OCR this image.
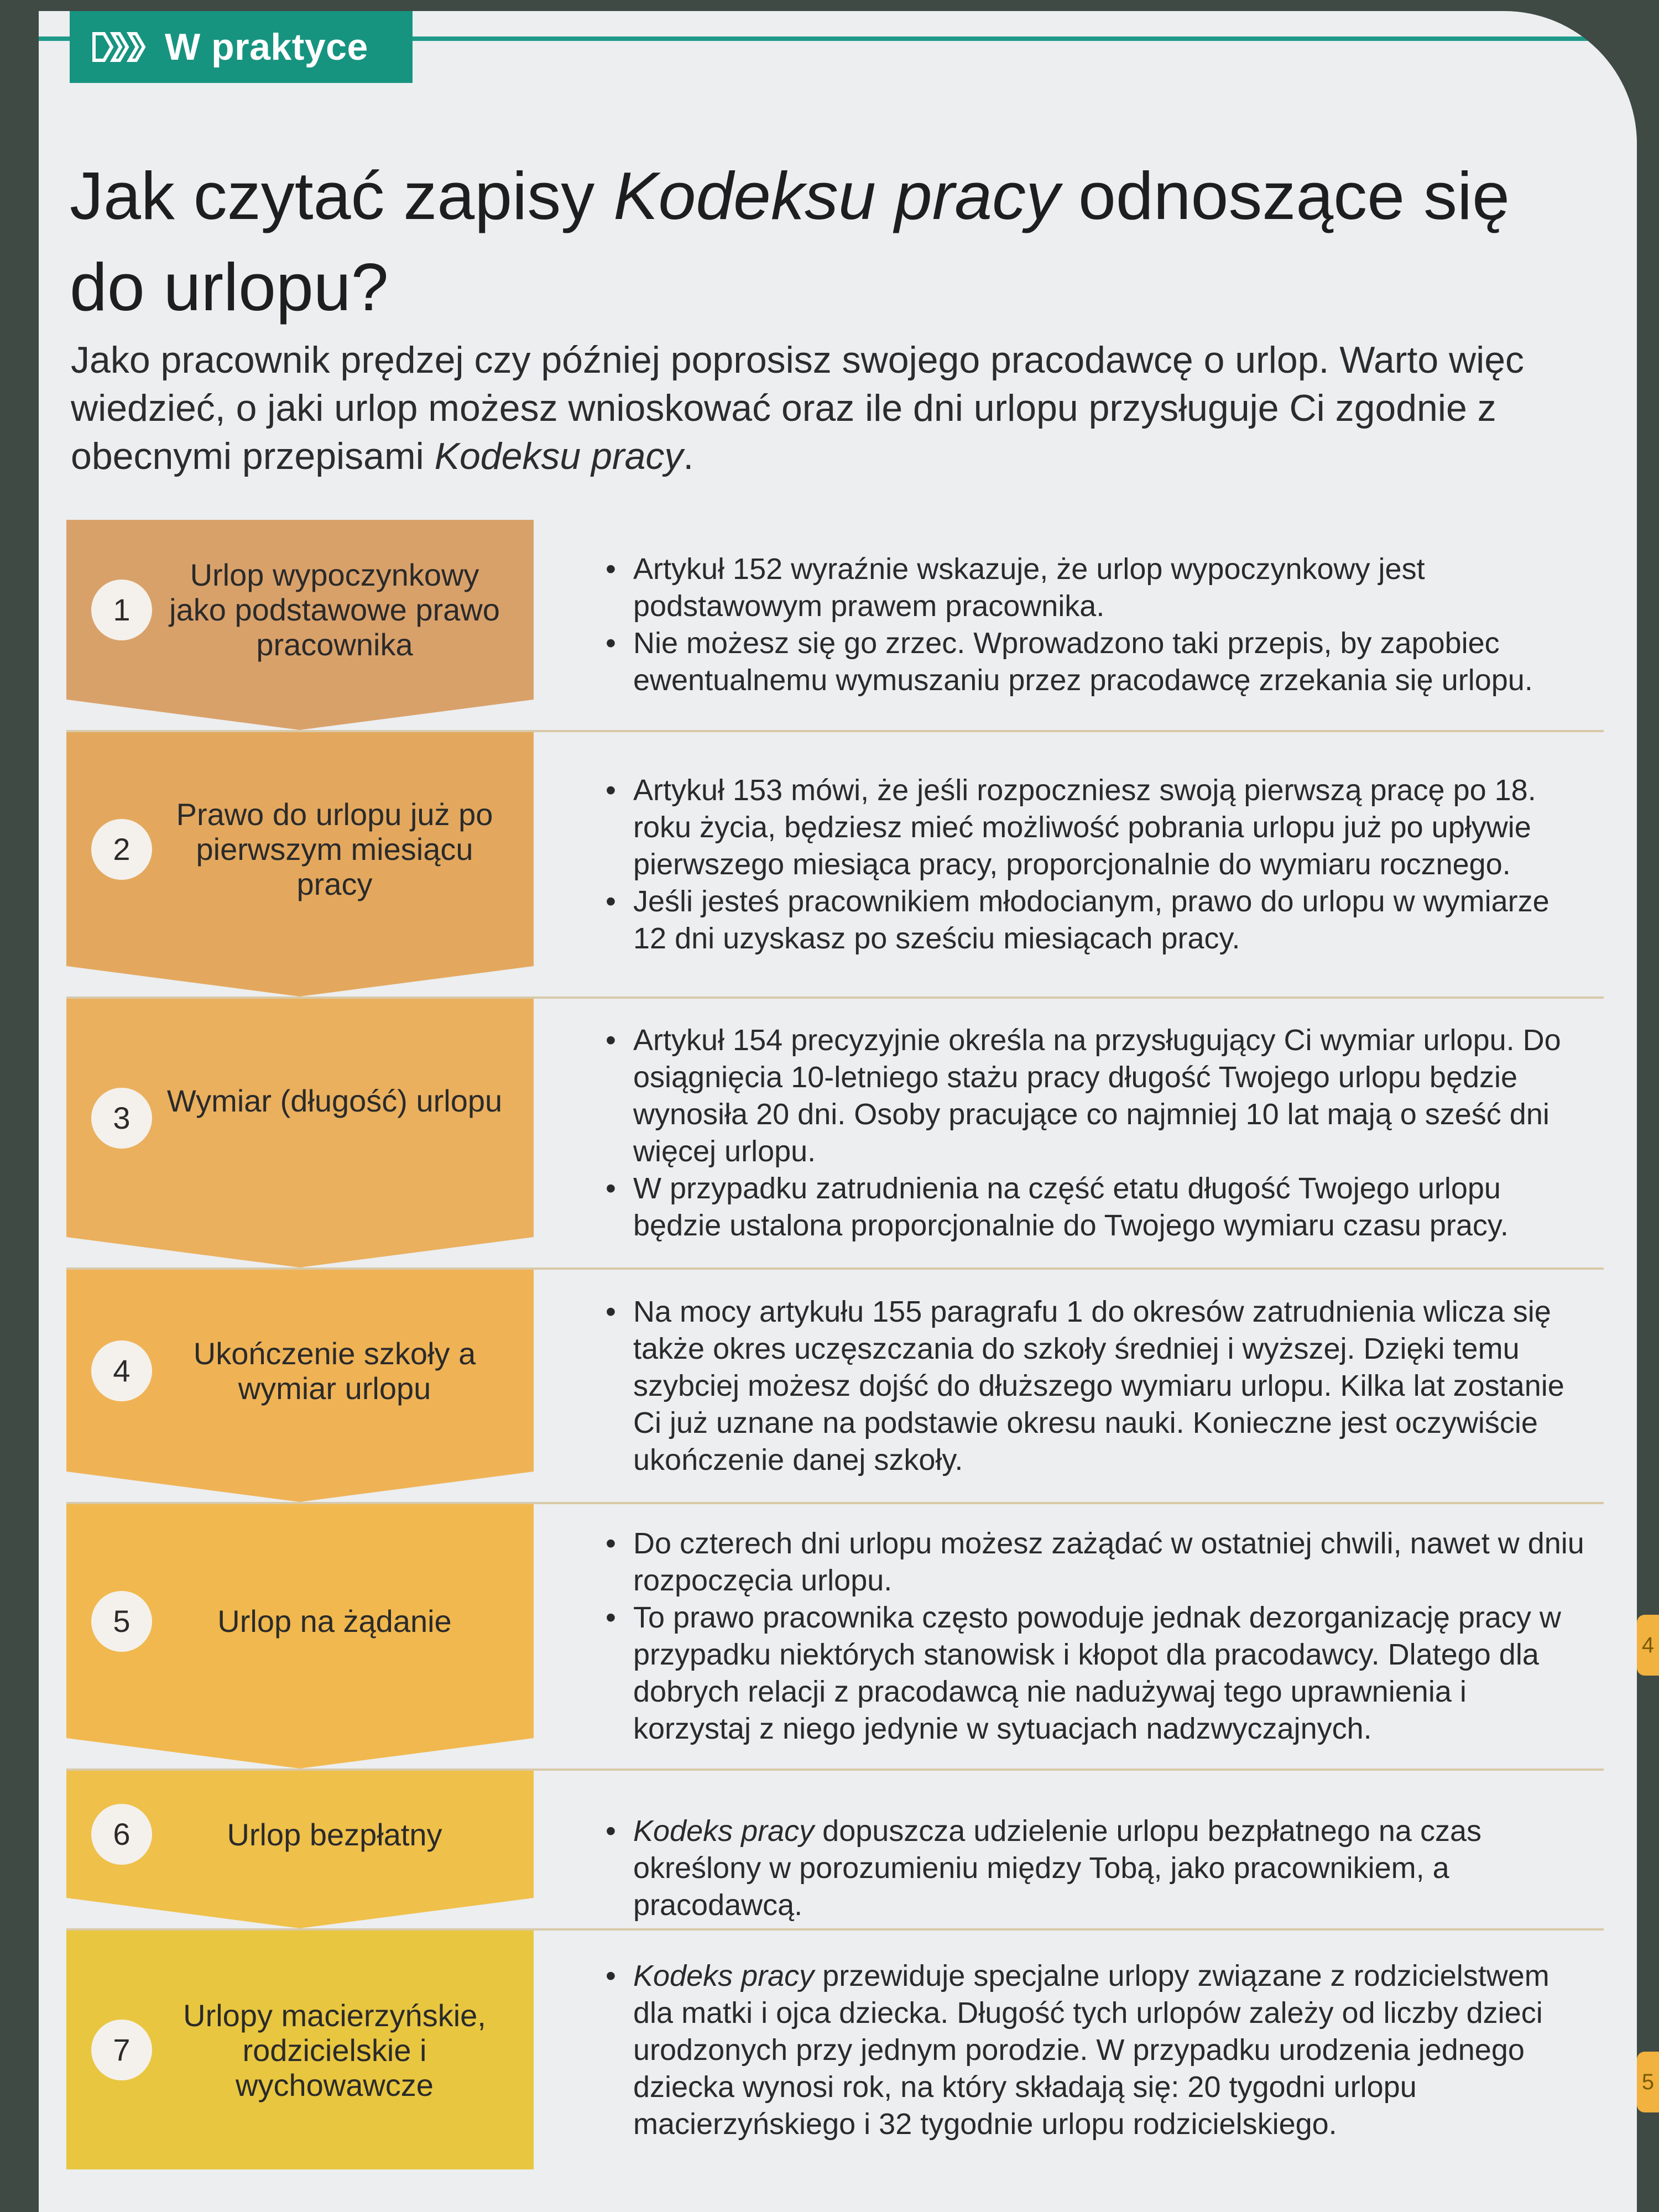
W praktyce
Jak czytać zapisy Kodeksu pracy odnoszące się do urlopu?

Jako pracownik prędzej czy później poprosisz swojego pracodawcę o urlop. Warto więc wiedzieć, o jaki urlop możesz wnioskować oraz ile dni urlopu przysługuje Ci zgodnie z obecnymi przepisami Kodeksu pracy.

1
Urlop wypoczynkowy jako podstawowe prawo pracownika
• Artykuł 152 wyraźnie wskazuje, że urlop wypoczynkowy jest podstawowym prawem pracownika.
• Nie możesz się go zrzec. Wprowadzono taki przepis, by zapobiec ewentualnemu wymuszaniu przez pracodawcę zrzekania się urlopu.
2
Prawo do urlopu już po pierwszym miesiącu pracy
• Artykuł 153 mówi, że jeśli rozpoczniesz swoją pierwszą pracę po 18. roku życia, będziesz mieć możliwość pobrania urlopu już po upływie pierwszego miesiąca pracy, proporcjonalnie do wymiaru rocznego.
• Jeśli jesteś pracownikiem młodocianym, prawo do urlopu w wymiarze 12 dni uzyskasz po sześciu miesiącach pracy.
3	Wymiar (długość) urlopu
• Artykuł 154 precyzyjnie określa na przysługujący Ci wymiar urlopu. Do osiągnięcia 10-letniego stażu pracy długość Twojego urlopu będzie wynosiła 20 dni. Osoby pracujące co najmniej 10 lat mają o sześć dni więcej urlopu.
• W przypadku zatrudnienia na część etatu długość Twojego urlopu będzie ustalona proporcjonalnie do Twojego wymiaru czasu pracy.
4	Ukończenie szkoły a wymiar urlopu
• Na mocy artykułu 155 paragrafu 1 do okresów zatrudnienia wlicza się także okres uczęszczania do szkoły średniej i wyższej. Dzięki temu szybciej możesz dojść do dłuższego wymiaru urlopu. Kilka lat zostanie Ci już uznane na podstawie okresu nauki. Konieczne jest oczywiście ukończenie danej szkoły.
5	Urlop na żądanie
• Do czterech dni urlopu możesz zażądać w ostatniej chwili, nawet w dniu rozpoczęcia urlopu.
• To prawo pracownika często powoduje jednak dezorganizację pracy w przypadku niektórych stanowisk i kłopot dla pracodawcy. Dlatego dla dobrych relacji z pracodawcą nie nadużywaj tego uprawnienia i korzystaj z niego jedynie w sytuacjach nadzwyczajnych.
6	Urlop bezpłatny
•	Kodeks pracy dopuszcza udzielenie urlopu bezpłatnego na czas określony w porozumieniu między Tobą, jako pracownikiem, a pracodawcą.
7
Urlopy macierzyńskie, rodzicielskie i wychowawcze
• Kodeks pracy przewiduje specjalne urlopy związane z rodzicielstwem dla matki i ojca dziecka. Długość tych urlopów zależy od liczby dzieci urodzonych przy jednym porodzie. W przypadku urodzenia jednego dziecka wynosi rok, na który składają się: 20 tygodni urlopu macierzyńskiego i 32 tygodnie urlopu rodzicielskiego.
4
5
